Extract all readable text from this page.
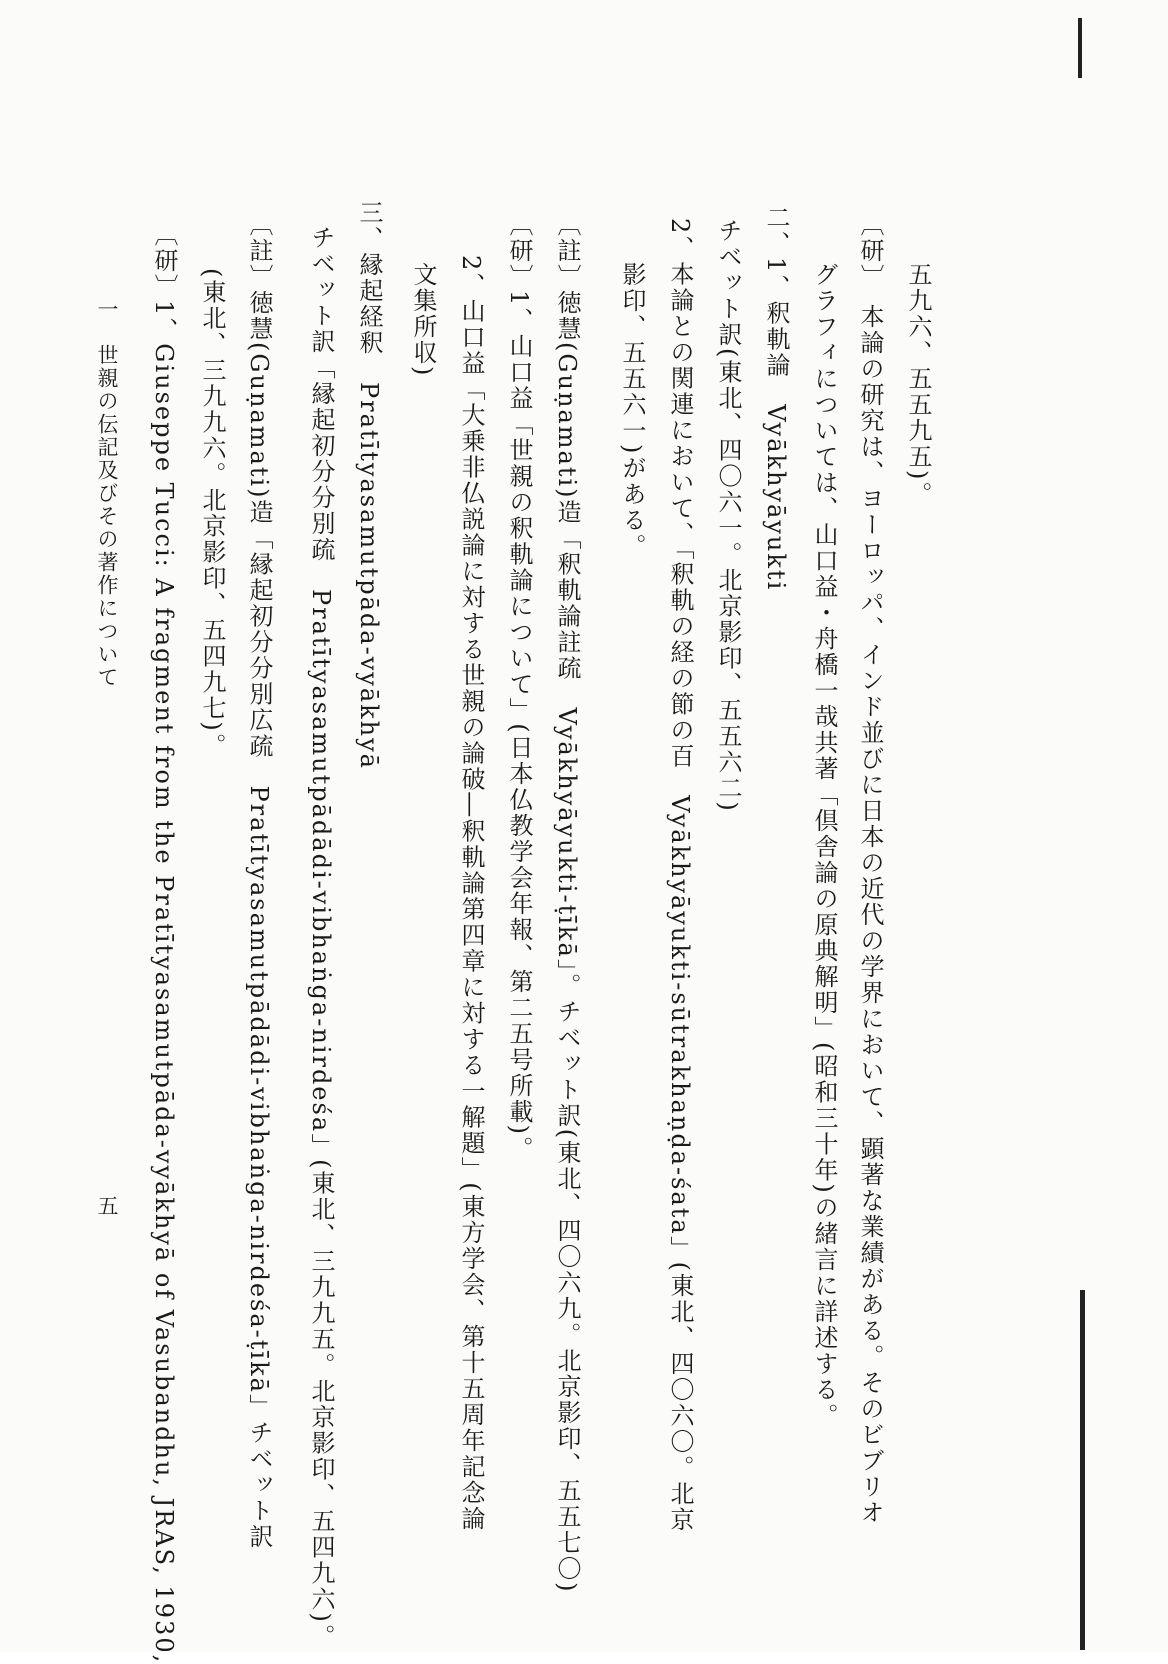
五九六、五五九五)。
〔研〕　本論の研究は、ヨーロッパ、インド並びに日本の近代の学界において、顕著な業績がある。そのビブリオ
グラフィについては、山口益・舟橋一哉共著「倶舎論の原典解明」(昭和三十年)の緒言に詳述する。
二、1、釈軌論　Vyākhyāyukti
チベット訳(東北、四〇六一。北京影印、五五六二)
2、本論との関連において、「釈軌の経の節の百　Vyākhyāyukti-sūtrakhaṇḍa-śata」(東北、四〇六〇。北京
影印、五五六一)がある。
〔註〕徳慧(Guṇamati)造「釈軌論註疏　Vyākhyāyukti-ṭīkā」。チベット訳(東北、四〇六九。北京影印、五五七〇)
〔研〕1、山口益「世親の釈軌論について」(日本仏教学会年報、第二五号所載)。
2、山口益「大乗非仏説論に対する世親の論破―釈軌論第四章に対する一解題」(東方学会、第十五周年記念論
文集所収)
三、縁起経釈　Pratītyasamutpāda-vyākhyā
チベット訳「縁起初分分別疏　Pratītyasamutpādādi-vibhaṅga-nirdeśa」(東北、三九九五。北京影印、五四九六)。
〔註〕徳慧(Guṇamati)造「縁起初分分別広疏　Pratītyasamutpādādi-vibhaṅga-nirdeśa-ṭīkā」チベット訳
(東北、三九九六。北京影印、五四九七)。
〔研〕1、Giuseppe Tucci: A fragment from the Pratītyasamutpāda-vyākhyā of Vasubandhu, JRAS, 1930,
一　世親の伝記及びその著作について
五
